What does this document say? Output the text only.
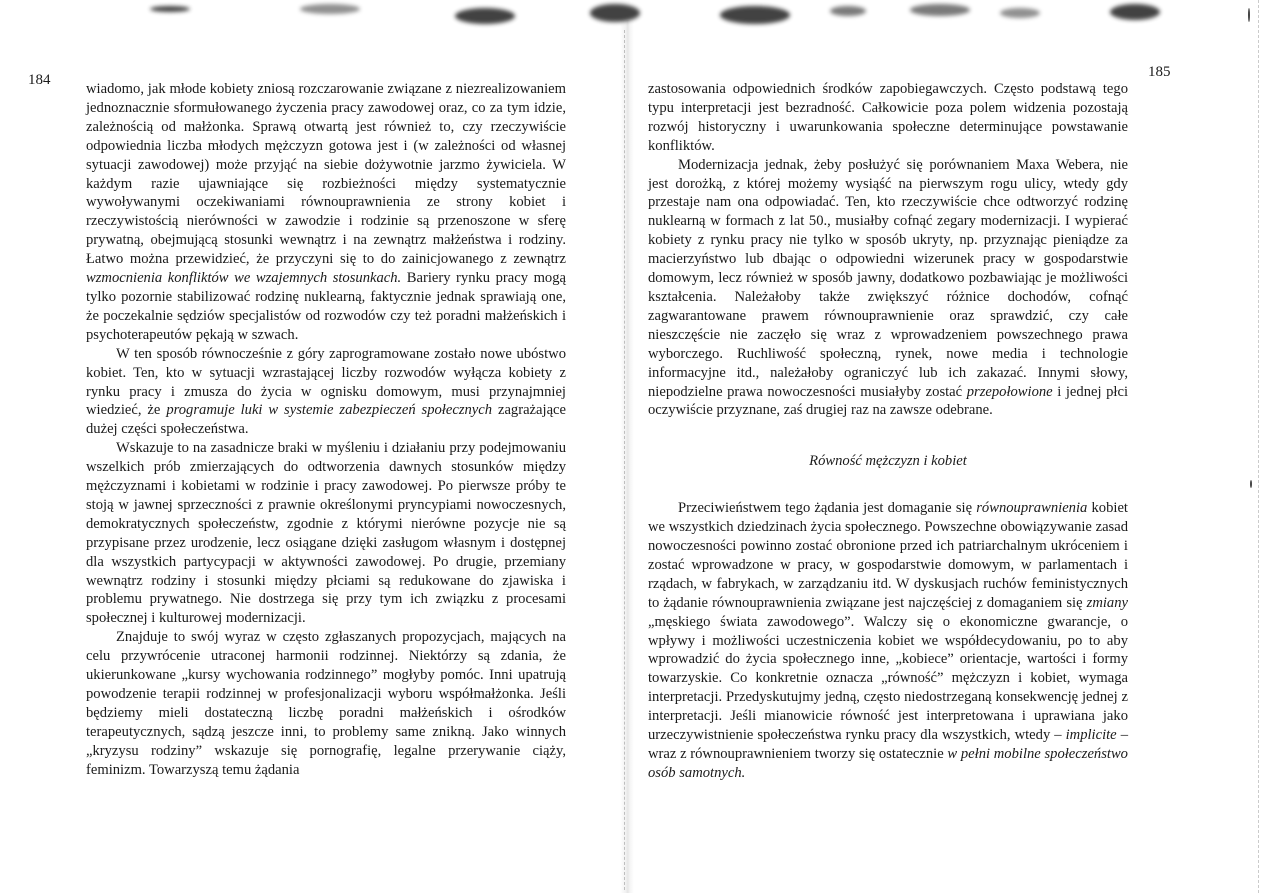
184	185

wiadomo, jak młode kobiety zniosą rozczarowanie związane z niezrealizowaniem jednoznacznie sformułowanego życzenia pracy zawodowej oraz, co za tym idzie, zależnością od małżonka. Sprawą otwartą jest również to, czy rzeczywiście odpowiednia liczba młodych mężczyzn gotowa jest i (w zależności od własnej sytuacji zawodowej) może przyjąć na siebie dożywotnie jarzmo żywiciela. W każdym razie ujawniające się rozbieżności między systematycznie wywoływanymi oczekiwaniami równouprawnienia ze strony kobiet i rzeczywistością nierówności w zawodzie i rodzinie są przenoszone w sferę prywatną, obejmującą stosunki wewnątrz i na zewnątrz małżeństwa i rodziny. Łatwo można przewidzieć, że przyczyni się to do zainicjowanego z zewnątrz wzmocnienia konfliktów we wzajemnych stosunkach. Bariery rynku pracy mogą tylko pozornie stabilizować rodzinę nuklearną, faktycznie jednak sprawiają one, że poczekalnie sędziów specjalistów od rozwodów czy też poradni małżeńskich i psychoterapeutów pękają w szwach.

W ten sposób równocześnie z góry zaprogramowane zostało nowe ubóstwo kobiet. Ten, kto w sytuacji wzrastającej liczby rozwodów wyłącza kobiety z rynku pracy i zmusza do życia w ognisku domowym, musi przynajmniej wiedzieć, że programuje luki w systemie zabezpieczeń społecznych zagrażające dużej części społeczeństwa.

Wskazuje to na zasadnicze braki w myśleniu i działaniu przy podejmowaniu wszelkich prób zmierzających do odtworzenia dawnych stosunków między mężczyznami i kobietami w rodzinie i pracy zawodowej. Po pierwsze próby te stoją w jawnej sprzeczności z prawnie określonymi pryncypiami nowoczesnych, demokratycznych społeczeństw, zgodnie z którymi nierówne pozycje nie są przypisane przez urodzenie, lecz osiągane dzięki zasługom własnym i dostępnej dla wszystkich partycypacji w aktywności zawodowej. Po drugie, przemiany wewnątrz rodziny i stosunki między płciami są redukowane do zjawiska i problemu prywatnego. Nie dostrzega się przy tym ich związku z procesami społecznej i kulturowej modernizacji.

Znajduje to swój wyraz w często zgłaszanych propozycjach, mających na celu przywrócenie utraconej harmonii rodzinnej. Niektórzy są zdania, że ukierunkowane „kursy wychowania rodzinnego” mogłyby pomóc. Inni upatrują powodzenie terapii rodzinnej w profesjonalizacji wyboru współmałżonka. Jeśli będziemy mieli dostateczną liczbę poradni małżeńskich i ośrodków terapeutycznych, sądzą jeszcze inni, to problemy same znikną. Jako winnych „kryzysu rodziny” wskazuje się pornografię, legalne przerywanie ciąży, feminizm. Towarzyszą temu żądania

zastosowania odpowiednich środków zapobiegawczych. Często podstawą tego typu interpretacji jest bezradność. Całkowicie poza polem widzenia pozostają rozwój historyczny i uwarunkowania społeczne determinujące powstawanie konfliktów.

Modernizacja jednak, żeby posłużyć się porównaniem Maxa Webera, nie jest dorożką, z której możemy wysiąść na pierwszym rogu ulicy, wtedy gdy przestaje nam ona odpowiadać. Ten, kto rzeczywiście chce odtworzyć rodzinę nuklearną w formach z lat 50., musiałby cofnąć zegary modernizacji. I wypierać kobiety z rynku pracy nie tylko w sposób ukryty, np. przyznając pieniądze za macierzyństwo lub dbając o odpowiedni wizerunek pracy w gospodarstwie domowym, lecz również w sposób jawny, dodatkowo pozbawiając je możliwości kształcenia. Należałoby także zwiększyć różnice dochodów, cofnąć zagwarantowane prawem równouprawnienie oraz sprawdzić, czy całe nieszczęście nie zaczęło się wraz z wprowadzeniem powszechnego prawa wyborczego. Ruchliwość społeczną, rynek, nowe media i technologie informacyjne itd., należałoby ograniczyć lub ich zakazać. Innymi słowy, niepodzielne prawa nowoczesności musiałyby zostać przepołowione i jednej płci oczywiście przyznane, zaś drugiej raz na zawsze odebrane.

Równość mężczyzn i kobiet

Przeciwieństwem tego żądania jest domaganie się równouprawnienia kobiet we wszystkich dziedzinach życia społecznego. Powszechne obowiązywanie zasad nowoczesności powinno zostać obronione przed ich patriarchalnym ukróceniem i zostać wprowadzone w pracy, w gospodarstwie domowym, w parlamentach i rządach, w fabrykach, w zarządzaniu itd. W dyskusjach ruchów feministycznych to żądanie równouprawnienia związane jest najczęściej z domaganiem się zmiany „męskiego świata zawodowego”. Walczy się o ekonomiczne gwarancje, o wpływy i możliwości uczestniczenia kobiet we współdecydowaniu, po to aby wprowadzić do życia społecznego inne, „kobiece” orientacje, wartości i formy towarzyskie. Co konkretnie oznacza „równość” mężczyzn i kobiet, wymaga interpretacji. Przedyskutujmy jedną, często niedostrzeganą konsekwencję jednej z interpretacji. Jeśli mianowicie równość jest interpretowana i uprawiana jako urzeczywistnienie społeczeństwa rynku pracy dla wszystkich, wtedy – implicite – wraz z równouprawnieniem tworzy się ostatecznie w pełni mobilne społeczeństwo osób samotnych.
